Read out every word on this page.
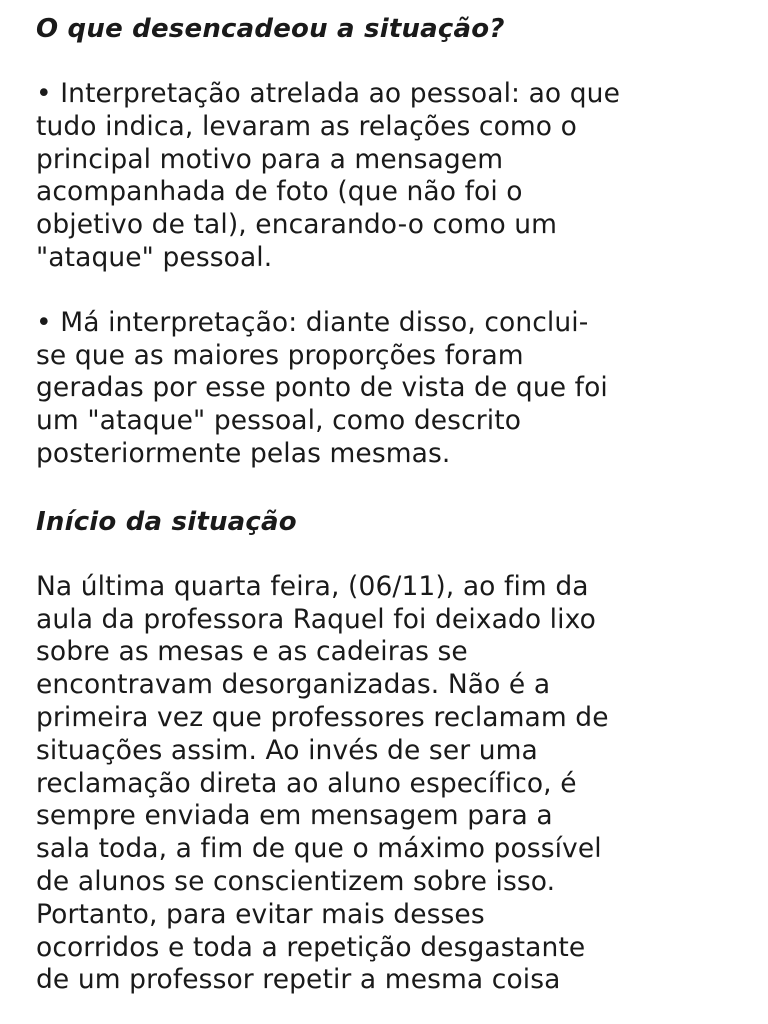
O que desencadeou a situação?

• Interpretação atrelada ao pessoal: ao que
tudo indica, levaram as relações como o
principal motivo para a mensagem
acompanhada de foto (que não foi o
objetivo de tal), encarando-o como um
"ataque" pessoal.

• Má interpretação: diante disso, conclui-
se que as maiores proporções foram
geradas por esse ponto de vista de que foi
um "ataque" pessoal, como descrito
posteriormente pelas mesmas.

Início da situação

Na última quarta feira, (06/11), ao fim da
aula da professora Raquel foi deixado lixo
sobre as mesas e as cadeiras se
encontravam desorganizadas. Não é a
primeira vez que professores reclamam de
situações assim. Ao invés de ser uma
reclamação direta ao aluno específico, é
sempre enviada em mensagem para a
sala toda, a fim de que o máximo possível
de alunos se conscientizem sobre isso.
Portanto, para evitar mais desses
ocorridos e toda a repetição desgastante
de um professor repetir a mesma coisa
